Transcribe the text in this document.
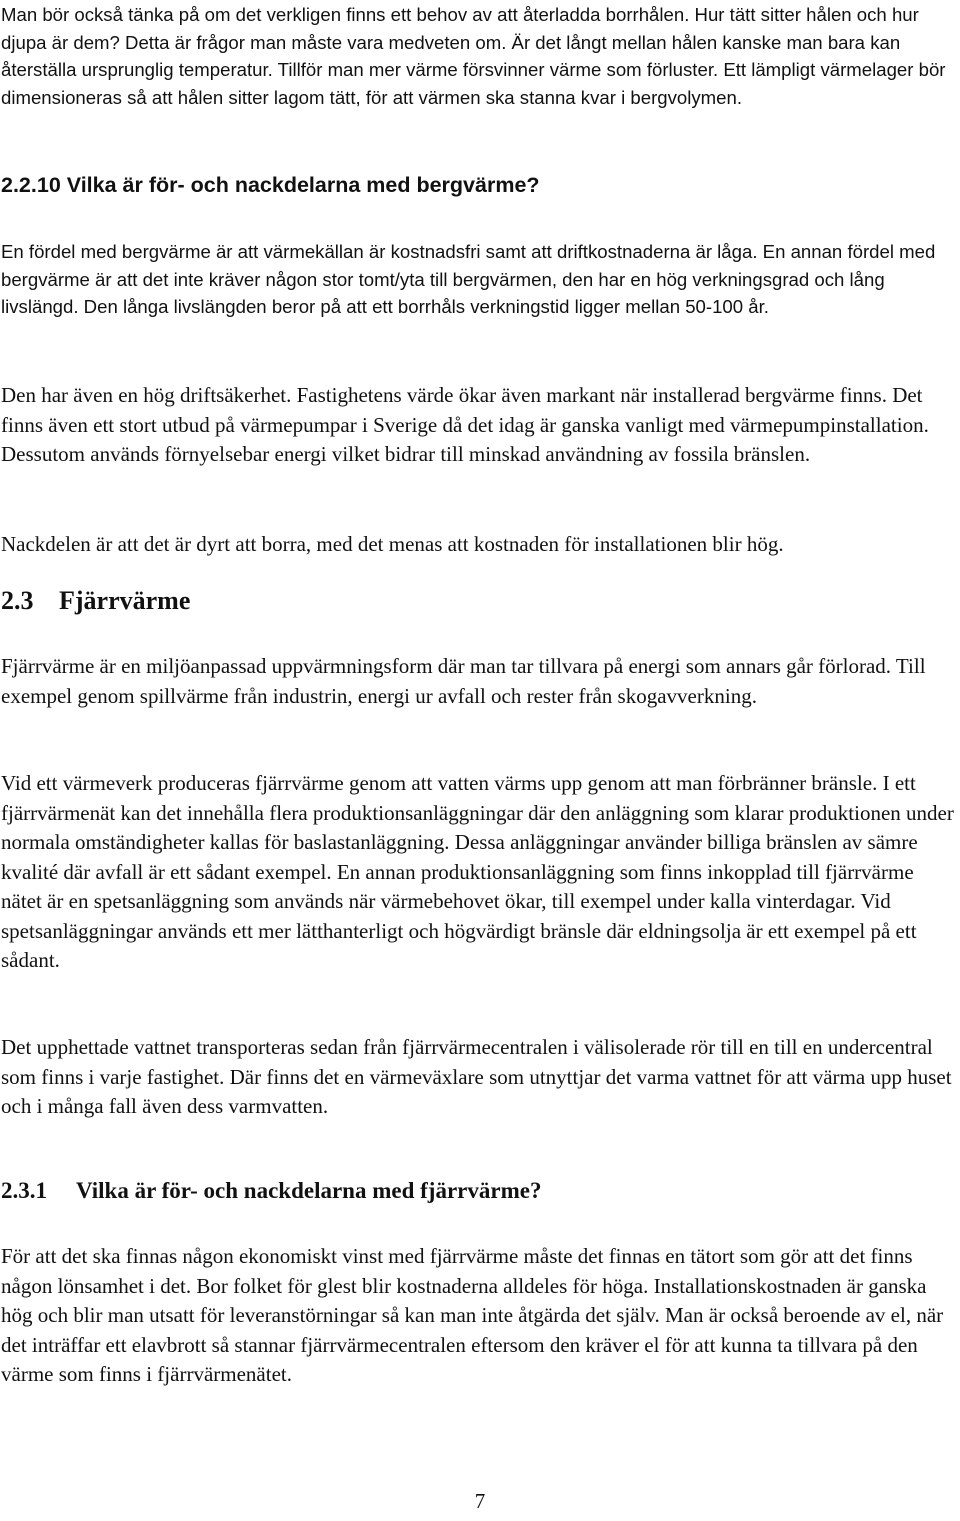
Man bör också tänka på om det verkligen finns ett behov av att återladda borrhålen. Hur tätt sitter hålen och hur djupa är dem? Detta är frågor man måste vara medveten om. Är det långt mellan hålen kanske man bara kan återställa ursprunglig temperatur. Tillför man mer värme försvinner värme som förluster. Ett lämpligt värmelager bör dimensioneras så att hålen sitter lagom tätt, för att värmen ska stanna kvar i bergvolymen.

2.2.10 Vilka är för- och nackdelarna med bergvärme?

En fördel med bergvärme är att värmekällan är kostnadsfri samt att driftkostnaderna är låga. En annan fördel med bergvärme är att det inte kräver någon stor tomt/yta till bergvärmen, den har en hög verkningsgrad och lång livslängd. Den långa livslängden beror på att ett borrhåls verkningstid ligger mellan 50-100 år.

Den har även en hög driftsäkerhet. Fastighetens värde ökar även markant när installerad bergvärme finns. Det finns även ett stort utbud på värmepumpar i Sverige då det idag är ganska vanligt med värmepumpinstallation. Dessutom används förnyelsebar energi vilket bidrar till minskad användning av fossila bränslen.

Nackdelen är att det är dyrt att borra, med det menas att kostnaden för installationen blir hög.

2.3 Fjärrvärme

Fjärrvärme är en miljöanpassad uppvärmningsform där man tar tillvara på energi som annars går förlorad. Till exempel genom spillvärme från industrin, energi ur avfall och rester från skogavverkning.

Vid ett värmeverk produceras fjärrvärme genom att vatten värms upp genom att man förbränner bränsle. I ett fjärrvärmenät kan det innehålla flera produktionsanläggningar där den anläggning som klarar produktionen under normala omständigheter kallas för baslastanläggning. Dessa anläggningar använder billiga bränslen av sämre kvalité där avfall är ett sådant exempel. En annan produktionsanläggning som finns inkopplad till fjärrvärme nätet är en spetsanläggning som används när värmebehovet ökar, till exempel under kalla vinterdagar. Vid spetsanläggningar används ett mer lätthanterligt och högvärdigt bränsle där eldningsolja är ett exempel på ett sådant.

Det upphettade vattnet transporteras sedan från fjärrvärmecentralen i välisolerade rör till en till en undercentral som finns i varje fastighet. Där finns det en värmeväxlare som utnyttjar det varma vattnet för att värma upp huset och i många fall även dess varmvatten.

2.3.1 Vilka är för- och nackdelarna med fjärrvärme?

För att det ska finnas någon ekonomiskt vinst med fjärrvärme måste det finnas en tätort som gör att det finns någon lönsamhet i det. Bor folket för glest blir kostnaderna alldeles för höga. Installationskostnaden är ganska hög och blir man utsatt för leveranstörningar så kan man inte åtgärda det själv. Man är också beroende av el, när det inträffar ett elavbrott så stannar fjärrvärmecentralen eftersom den kräver el för att kunna ta tillvara på den värme som finns i fjärrvärmenätet.

7
